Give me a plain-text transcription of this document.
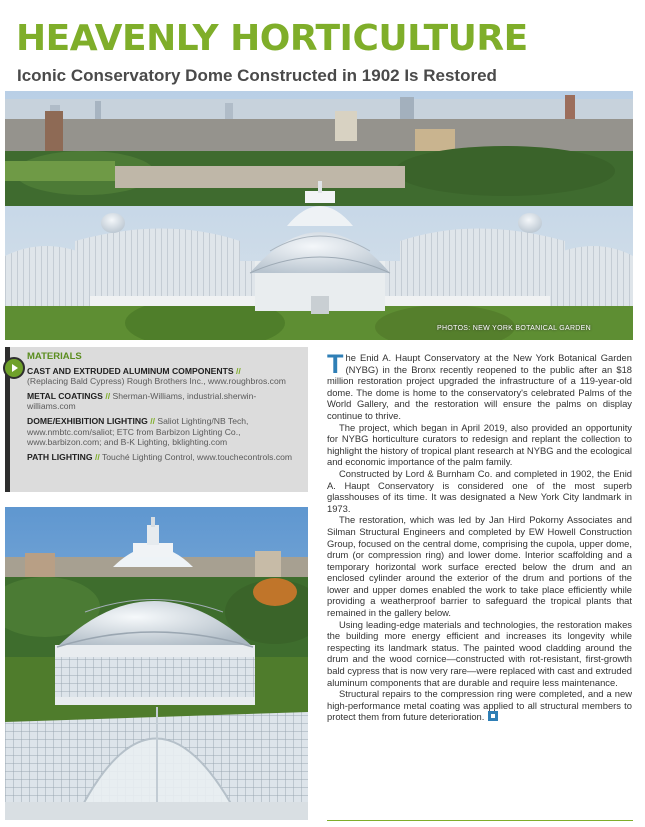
HEAVENLY HORTICULTURE
Iconic Conservatory Dome Constructed in 1902 Is Restored
PHOTOS: NEW YORK BOTANICAL GARDEN
MATERIALS
CAST AND EXTRUDED ALUMINUM COMPONENTS //
(Replacing Bald Cypress) Rough Brothers Inc., www.roughbros.com
METAL COATINGS // Sherman-Williams, industrial.sherwin-williams.com
DOME/EXHIBITION LIGHTING // Saliot Lighting/NB Tech, www.nmbtc.com/saliot; ETC from Barbizon Lighting Co., www.barbizon.com; and B-K Lighting, bklighting.com
PATH LIGHTING // Touché Lighting Control, www.touchecontrols.com

The Enid A. Haupt Conservatory at the New York Botanical Garden (NYBG) in the Bronx recently reopened to the public after an $18 million restoration project upgraded the infrastructure of a 119-year-old dome. The dome is home to the conservatory's celebrated Palms of the World Gallery, and the restoration will ensure the palms on display continue to thrive.

The project, which began in April 2019, also provided an opportunity for NYBG horticulture curators to redesign and replant the collection to highlight the history of tropical plant research at NYBG and the ecological and economic importance of the palm family.

Constructed by Lord & Burnham Co. and completed in 1902, the Enid A. Haupt Conservatory is considered one of the most superb glasshouses of its time. It was designated a New York City landmark in 1973.

The restoration, which was led by Jan Hird Pokorny Associates and Silman Structural Engineers and completed by EW Howell Construction Group, focused on the central dome, comprising the cupola, upper dome, drum (or compression ring) and lower dome. Interior scaffolding and a temporary horizontal work surface erected below the drum and an enclosed cylinder around the exterior of the drum and portions of the lower and upper domes enabled the work to take place efficiently while providing a weatherproof barrier to safeguard the tropical plants that remained in the gallery below.

Using leading-edge materials and technologies, the restoration makes the building more energy efficient and increases its longevity while respecting its landmark status. The painted wood cladding around the drum and the wood cornice—constructed with rot-resistant, first-growth bald cypress that is now very rare—were replaced with cast and extruded aluminum components that are durable and require less maintenance.

Structural repairs to the compression ring were completed, and a new high-performance metal coating was applied to all structural members to protect them from future deterioration.
